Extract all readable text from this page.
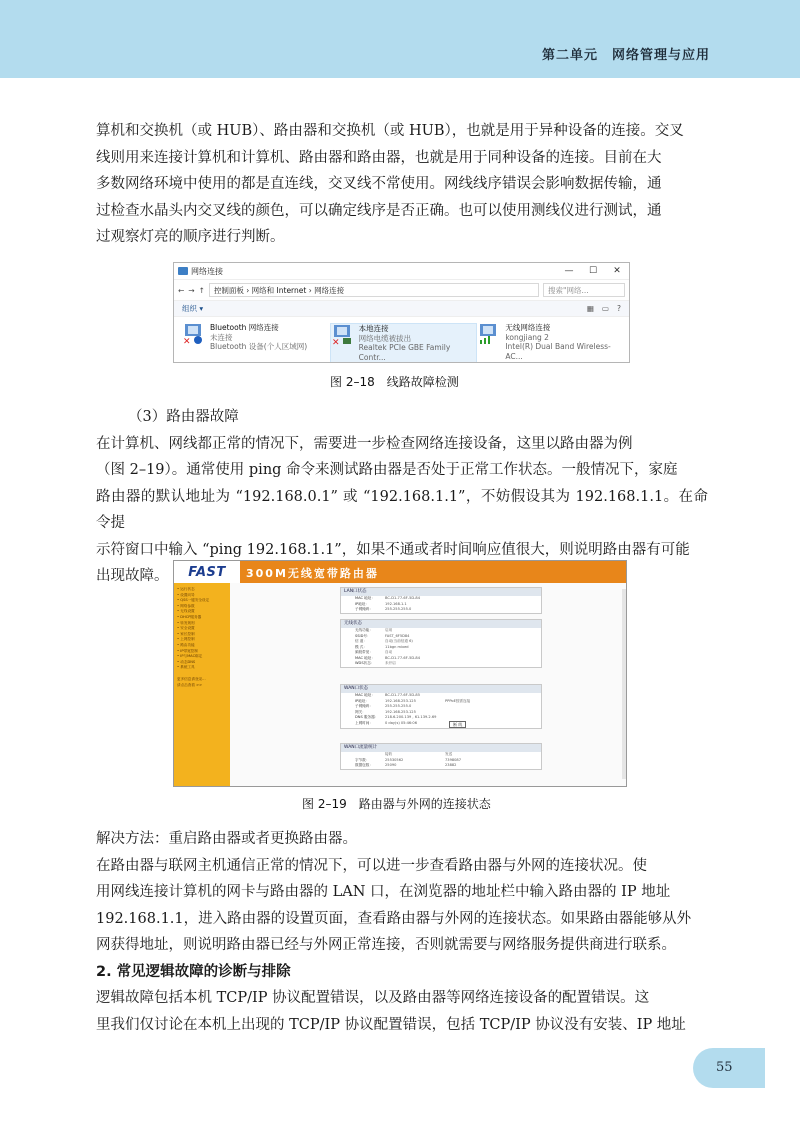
第二单元　网络管理与应用

算机和交换机（或 HUB）、路由器和交换机（或 HUB），也就是用于异种设备的连接。交叉

线则用来连接计算机和计算机、路由器和路由器，也就是用于同种设备的连接。目前在大

多数网络环境中使用的都是直连线，交叉线不常使用。网线线序错误会影响数据传输，通

过检查水晶头内交叉线的颜色，可以确定线序是否正确。也可以使用测线仪进行测试，通

过观察灯亮的顺序进行判断。

网络连接	—	☐	✕
← → ↑	控制面板 › 网络和 Internet › 网络连接	搜索"网络...
组织 ▾	▦ ▭ ?
✕
Bluetooth 网络连接
未连接
Bluetooth 设备(个人区域网)	✕
本地连接
网络电缆被拔出
Realtek PCIe GBE Family Contr...
无线网络连接
kongjiang 2
Intel(R) Dual Band Wireless-AC...
图 2–18　线路故障检测

（3）路由器故障

在计算机、网线都正常的情况下，需要进一步检查网络连接设备，这里以路由器为例

（图 2–19）。通常使用 ping 命令来测试路由器是否处于正常工作状态。一般情况下，家庭

路由器的默认地址为 “192.168.0.1” 或 “192.168.1.1”，不妨假设其为 192.168.1.1。在命令提

示符窗口中输入 “ping 192.168.1.1”，如果不通或者时间响应值很大，则说明路由器有可能

出现故障。	FAST	300M无线宽带路由器
• 运行状态
• 设置向导
• QSS一键安全设定
• 网络参数
• 无线设置
• DHCP服务器
• 转发规则
• 安全设置
• 家长控制
• 上网控制
• 路由功能
• IP带宽控制
• IP与MAC绑定
• 动态DNS
• 系统工具
更多信息请登录...
请点击查看 >>
LAN口状态
MAC 地址：	BC-D1-77-6F-5D-84
IP地址：	192.168.1.1
子网掩码：	255.255.255.0
无线状态
无线功能：	启用
SSID号：	FAST_6F5D84
信 道：	自动(当前信道 6)
模 式：	11bgn mixed
频段带宽：	自动
MAC 地址：	BC-D1-77-6F-5D-84
WDS状态：	未开启
WAN口状态
MAC 地址：	BC-D1-77-6F-5D-85
IP地址：	192.168.253.125	PPPoE按需连接
子网掩码：	255.255.255.0
网关：	192.168.253.125
DNS 服务器：	218.6.200.139 , 61.139.2.69
上网时间：	0 day(s) 05:46:06	断 线
WAN口流量统计
接收	发送
字节数：	25530562	7398087
数据包数：	25090	23882
图 2–19　路由器与外网的连接状态

解决方法：重启路由器或者更换路由器。

在路由器与联网主机通信正常的情况下，可以进一步查看路由器与外网的连接状况。使

用网线连接计算机的网卡与路由器的 LAN 口，在浏览器的地址栏中输入路由器的 IP 地址

192.168.1.1，进入路由器的设置页面，查看路由器与外网的连接状态。如果路由器能够从外

网获得地址，则说明路由器已经与外网正常连接，否则就需要与网络服务提供商进行联系。

2. 常见逻辑故障的诊断与排除

逻辑故障包括本机 TCP/IP 协议配置错误，以及路由器等网络连接设备的配置错误。这

里我们仅讨论在本机上出现的 TCP/IP 协议配置错误，包括 TCP/IP 协议没有安装、IP 地址

55
